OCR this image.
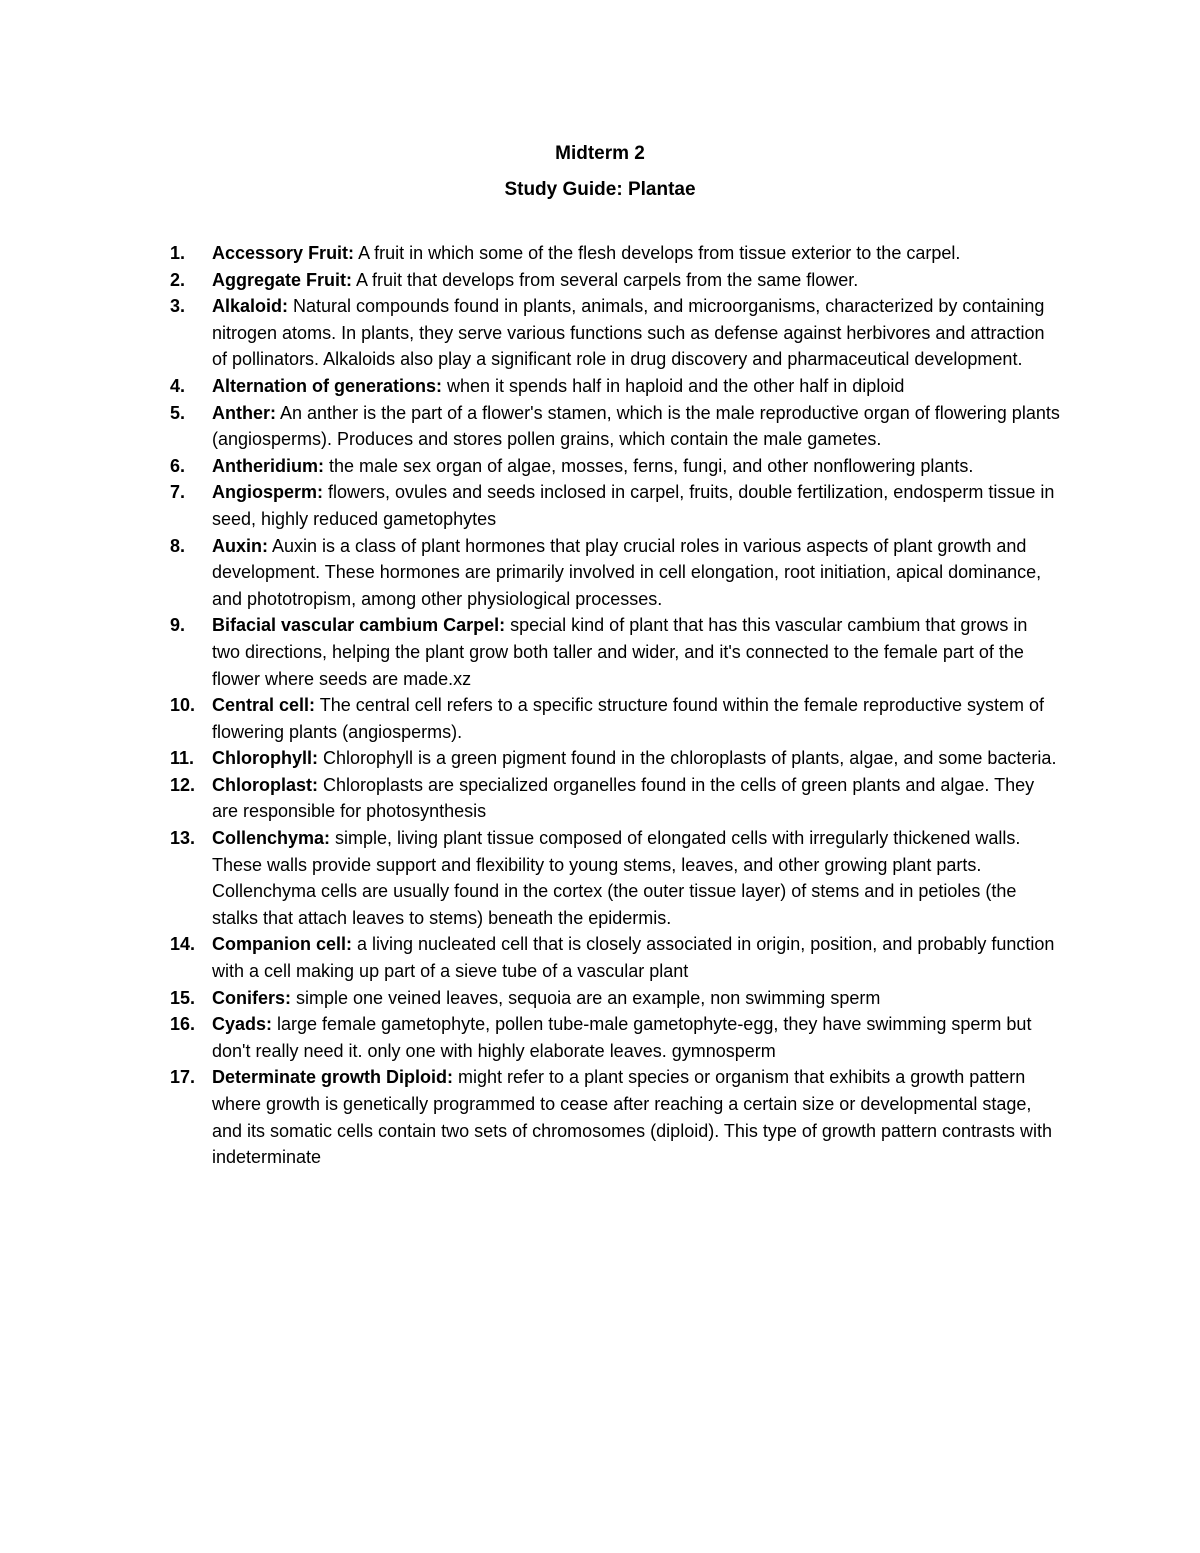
Midterm 2
Study Guide: Plantae
1.	Accessory Fruit: A fruit in which some of the flesh develops from tissue exterior to the carpel.
2.	Aggregate Fruit: A fruit that develops from several carpels from the same flower.
3.	Alkaloid: Natural compounds found in plants, animals, and microorganisms, characterized by containing nitrogen atoms. In plants, they serve various functions such as defense against herbivores and attraction of pollinators. Alkaloids also play a significant role in drug discovery and pharmaceutical development.
4.	Alternation of generations: when it spends half in haploid and the other half in diploid
5.	Anther: An anther is the part of a flower's stamen, which is the male reproductive organ of flowering plants (angiosperms). Produces and stores pollen grains, which contain the male gametes.
6.	Antheridium: the male sex organ of algae, mosses, ferns, fungi, and other nonflowering plants.
7.	Angiosperm: flowers, ovules and seeds inclosed in carpel, fruits, double fertilization, endosperm tissue in seed, highly reduced gametophytes
8.	Auxin: Auxin is a class of plant hormones that play crucial roles in various aspects of plant growth and development. These hormones are primarily involved in cell elongation, root initiation, apical dominance, and phototropism, among other physiological processes.
9.	Bifacial vascular cambium Carpel: special kind of plant that has this vascular cambium that grows in two directions, helping the plant grow both taller and wider, and it's connected to the female part of the flower where seeds are made.xz
10. Central cell: The central cell refers to a specific structure found within the female reproductive system of flowering plants (angiosperms).
11. Chlorophyll: Chlorophyll is a green pigment found in the chloroplasts of plants, algae, and some bacteria.
12. Chloroplast: Chloroplasts are specialized organelles found in the cells of green plants and algae. They are responsible for photosynthesis
13. Collenchyma: simple, living plant tissue composed of elongated cells with irregularly thickened walls. These walls provide support and flexibility to young stems, leaves, and other growing plant parts. Collenchyma cells are usually found in the cortex (the outer tissue layer) of stems and in petioles (the stalks that attach leaves to stems) beneath the epidermis.
14. Companion cell: a living nucleated cell that is closely associated in origin, position, and probably function with a cell making up part of a sieve tube of a vascular plant
15. Conifers: simple one veined leaves, sequoia are an example, non swimming sperm
16. Cyads: large female gametophyte, pollen tube-male gametophyte-egg, they have swimming sperm but don't really need it. only one with highly elaborate leaves. gymnosperm
17. Determinate growth Diploid: might refer to a plant species or organism that exhibits a growth pattern where growth is genetically programmed to cease after reaching a certain size or developmental stage, and its somatic cells contain two sets of chromosomes (diploid). This type of growth pattern contrasts with indeterminate
